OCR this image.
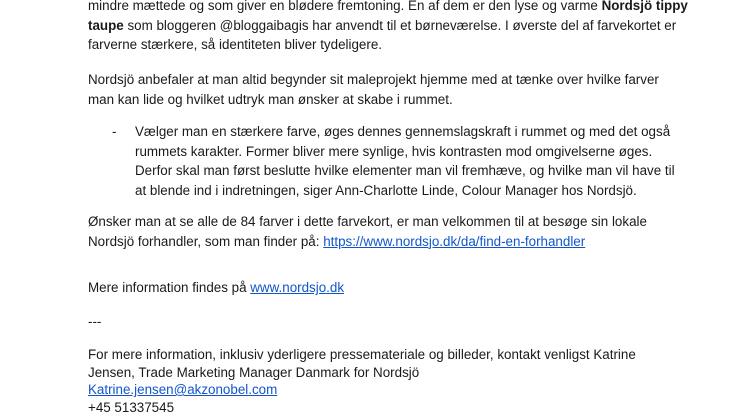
mindre mættede og som giver en blødere fremtoning. En af dem er den lyse og varme Nordsjö tippy
taupe som bloggeren @bloggaibagis har anvendt til et børneværelse. I øverste del af farvekortet er
farverne stærkere, så identiteten bliver tydeligere.
Nordsjö anbefaler at man altid begynder sit maleprojekt hjemme med at tænke over hvilke farver
man kan lide og hvilket udtryk man ønsker at skabe i rummet.
- Vælger man en stærkere farve, øges dennes gennemslagskraft i rummet og med det også
rummets karakter. Former bliver mere synlige, hvis kontrasten mod omgivelserne øges.
Derfor skal man først beslutte hvilke elementer man vil fremhæve, og hvilke man vil have til
at blende ind i indretningen, siger Ann-Charlotte Linde, Colour Manager hos Nordsjö.
Ønsker man at se alle de 84 farver i dette farvekort, er man velkommen til at besøge sin lokale
Nordsjö forhandler, som man finder på: https://www.nordsjo.dk/da/find-en-forhandler
Mere information findes på www.nordsjo.dk
---
For mere information, inklusiv yderligere pressemateriale og billeder, kontakt venligst Katrine
Jensen, Trade Marketing Manager Danmark for Nordsjö
Katrine.jensen@akzonobel.com
+45 51337545
